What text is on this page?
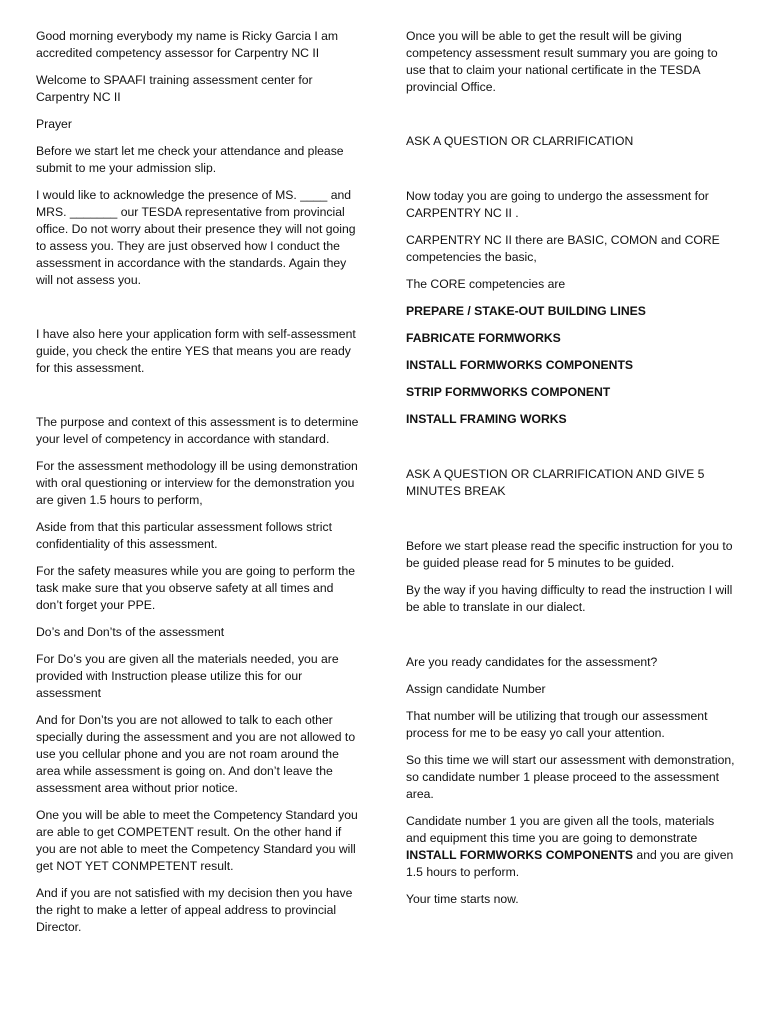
Good morning everybody my name is Ricky Garcia I am accredited competency assessor for Carpentry NC II

Welcome to SPAAFI training assessment center for Carpentry NC II

Prayer

Before we start let me check your attendance and please submit to me your admission slip.

I would like to acknowledge the presence of MS. ____ and MRS. _______ our TESDA representative from provincial office. Do not worry about their presence they will not going to assess you. They are just observed how I conduct the assessment in accordance with the standards. Again they will not assess you.

I have also here your application form with self-assessment guide, you check the entire YES that means you are ready for this assessment.

The purpose and context of this assessment is to determine your level of competency in accordance with standard.

For the assessment methodology ill be using demonstration with oral questioning or interview for the demonstration you are given 1.5 hours to perform,

Aside from that this particular assessment follows strict confidentiality of this assessment.

For the safety measures while you are going to perform the task make sure that you observe safety at all times and don’t forget your PPE.

Do’s and Don’ts of the assessment

For Do’s you are given all the materials needed, you are provided with Instruction please utilize this for our assessment

And for Don’ts you are not allowed to talk to each other specially during the assessment and you are not allowed to use you cellular phone and you are not roam around the area while assessment is going on. And don’t leave the assessment area without prior notice.

One you will be able to meet the Competency Standard you are able to get COMPETENT result. On the other hand if you are not able to meet the Competency Standard you will get NOT YET CONMPETENT result.

And if you are not satisfied with my decision then you have the right to make a letter of appeal address to provincial Director.

Once you will be able to get the result will be giving competency assessment result summary you are going to use that to claim your national certificate in the TESDA provincial Office.

ASK A QUESTION OR CLARRIFICATION

Now today you are going to undergo the assessment for CARPENTRY NC II .

CARPENTRY NC II there are BASIC, COMON and CORE competencies the basic,

The CORE competencies are

PREPARE / STAKE-OUT BUILDING LINES

FABRICATE FORMWORKS

INSTALL FORMWORKS COMPONENTS

STRIP FORMWORKS COMPONENT

INSTALL FRAMING WORKS

ASK A QUESTION OR CLARRIFICATION AND GIVE 5 MINUTES BREAK

Before we start please read the specific instruction for you to be guided please read for 5 minutes to be guided.

By the way if you having difficulty to read the instruction I will be able to translate in our dialect.

Are you ready candidates for the assessment?

Assign candidate Number

That number will be utilizing that trough our assessment process for me to be easy yo call your attention.

So this time we will start our assessment with demonstration, so candidate number 1 please proceed to the assessment area.

Candidate number 1 you are given all the tools, materials and equipment this time you are going to demonstrate INSTALL FORMWORKS COMPONENTS and you are given 1.5 hours to perform.

Your time starts now.
